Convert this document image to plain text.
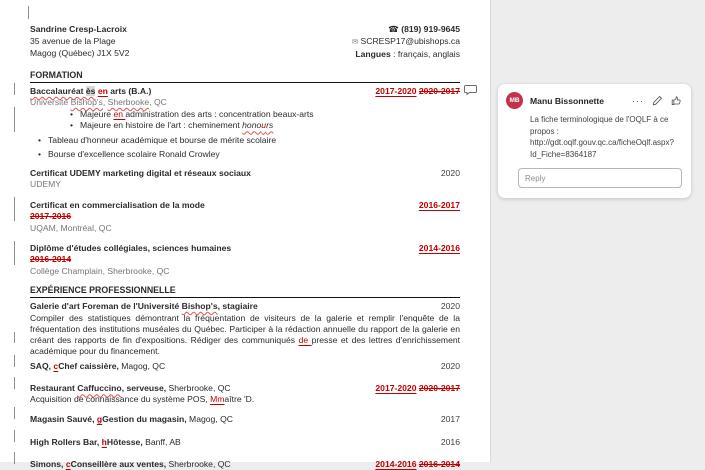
Sandrine Cresp-Lacroix
35 avenue de la Plage
Magog (Québec) J1X 5V2
☎ (819) 919-9645
✉ SCRESP17@ubishops.ca
Langues : français, anglais
FORMATION
Baccalauréat ès en arts (B.A.)	2017-2020 2020-2017
Université Bishop's, Sherbooke, QC
• Majeure en administration des arts : concentration beaux-arts
• Majeure en histoire de l'art : cheminement honours
• Tableau d'honneur académique et bourse de mérite scolaire
• Bourse d'excellence scolaire Ronald Crowley
Certificat UDEMY marketing digital et réseaux sociaux	2020
UDEMY
Certificat en commercialisation de la mode	2016-2017
2017-2016
UQAM, Montréal, QC
Diplôme d'études collégiales, sciences humaines	2014-2016
2016-2014
Collège Champlain, Sherbrooke, QC
EXPÉRIENCE PROFESSIONNELLE
Galerie d'art Foreman de l'Université Bishop's, stagiaire	2020
Compiler des statistiques démontrant la fréquentation de visiteurs de la galerie et remplir l'enquête de la fréquentation des institutions muséales du Québec. Participer à la rédaction annuelle du rapport de la galerie en créant des rapports de fin d'expositions. Rédiger des communiqués de presse et des lettres d'enrichissement académique pour du financement.
SAQ, cChef caissière, Magog, QC	2020
Restaurant Caffuccino, serveuse, Sherbrooke, QC	2017-2020 2020-2017
Acquisition de connaissance du système POS, Mmaître 'D.
Magasin Sauvé, gGestion du magasin, Magog, QC	2017
High Rollers Bar, hHôtesse, Banff, AB	2016
Simons, cConseillère aux ventes, Sherbrooke, QC	2014-2016 2016-2014
MB	Manu Bissonnette	···
La fiche terminologique de l'OQLF à ce propos : http://gdt.oqlf.gouv.qc.ca/ficheOqlf.aspx?Id_Fiche=8364187
Reply
